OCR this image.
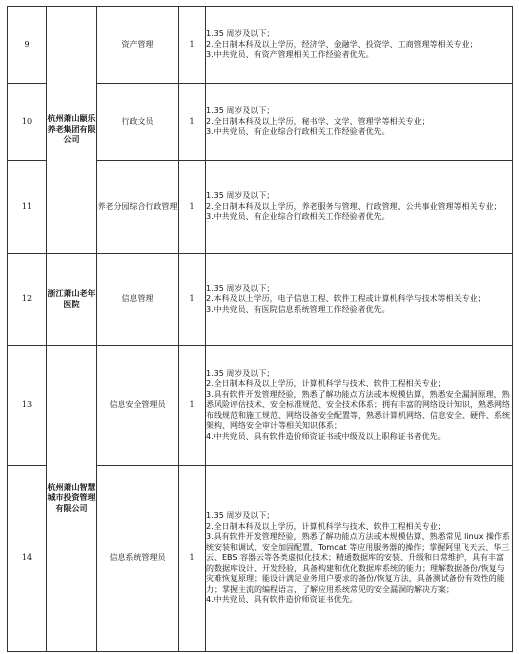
9	杭州萧山颐乐养老集团有限公司	资产管理	1	1.35 周岁及以下；
2.全日制本科及以上学历，经济学、金融学、投资学、工商管理等相关专业；
3.中共党员、有资产管理相关工作经验者优先。

10		行政文员	1	1.35 周岁及以下；
2.全日制本科及以上学历，秘书学、文学、管理学等相关专业；
3.中共党员、有企业综合行政相关工作经验者优先。

11		养老分园综合行政管理	1	1.35 周岁及以下；
2.全日制本科及以上学历，养老服务与管理、行政管理、公共事业管理等相关专业；
3.中共党员、有企业综合行政相关工作经验者优先。

12	浙江萧山老年医院	信息管理	1	1.35 周岁及以下；
2.本科及以上学历，电子信息工程、软件工程或计算机科学与技术等相关专业；
3.中共党员、有医院信息系统管理工作经验者优先。

13	杭州萧山智慧城市投资管理有限公司	信息安全管理员	1	1.35 周岁及以下；
2.全日制本科及以上学历，计算机科学与技术、软件工程相关专业；
3.具有软件开发管理经验，熟悉了解功能点方法或本规模估算，熟悉安全漏洞原理，熟悉风险评估技术、安全标准规范、安全技术体系；拥有丰富的网络设计知识，熟悉网络布线规范和施工规范、网络设备安全配置等，熟悉计算机网络、信息安全、硬件、系统架构、网络安全审计等相关知识体系；
4.中共党员、具有软件造价师资证书或中级及以上职称证书者优先。

14		信息系统管理员	1	1.35 周岁及以下；
2.全日制本科及以上学历，计算机科学与技术、软件工程相关专业；
3.具有软件开发管理经验，熟悉了解功能点方法或本规模估算，熟悉常见 linux 操作系统安装和调试、安全加固配置、Tomcat 等应用服务器的操作；掌握阿里飞天云、华三云、EBS 容器云等各类虚拟化技术；精通数据库的安装、升级和日常维护，具有丰富的数据库设计、开发经验，具备构建和优化数据库系统的能力；理解数据备份/恢复与灾难恢复原理；能设计满足业务用户要求的备份/恢复方法，具备测试备份有效性的能力；掌握主流的编程语言，了解应用系统常见的安全漏洞的解决方案；
4.中共党员、具有软件造价师资证书优先。
